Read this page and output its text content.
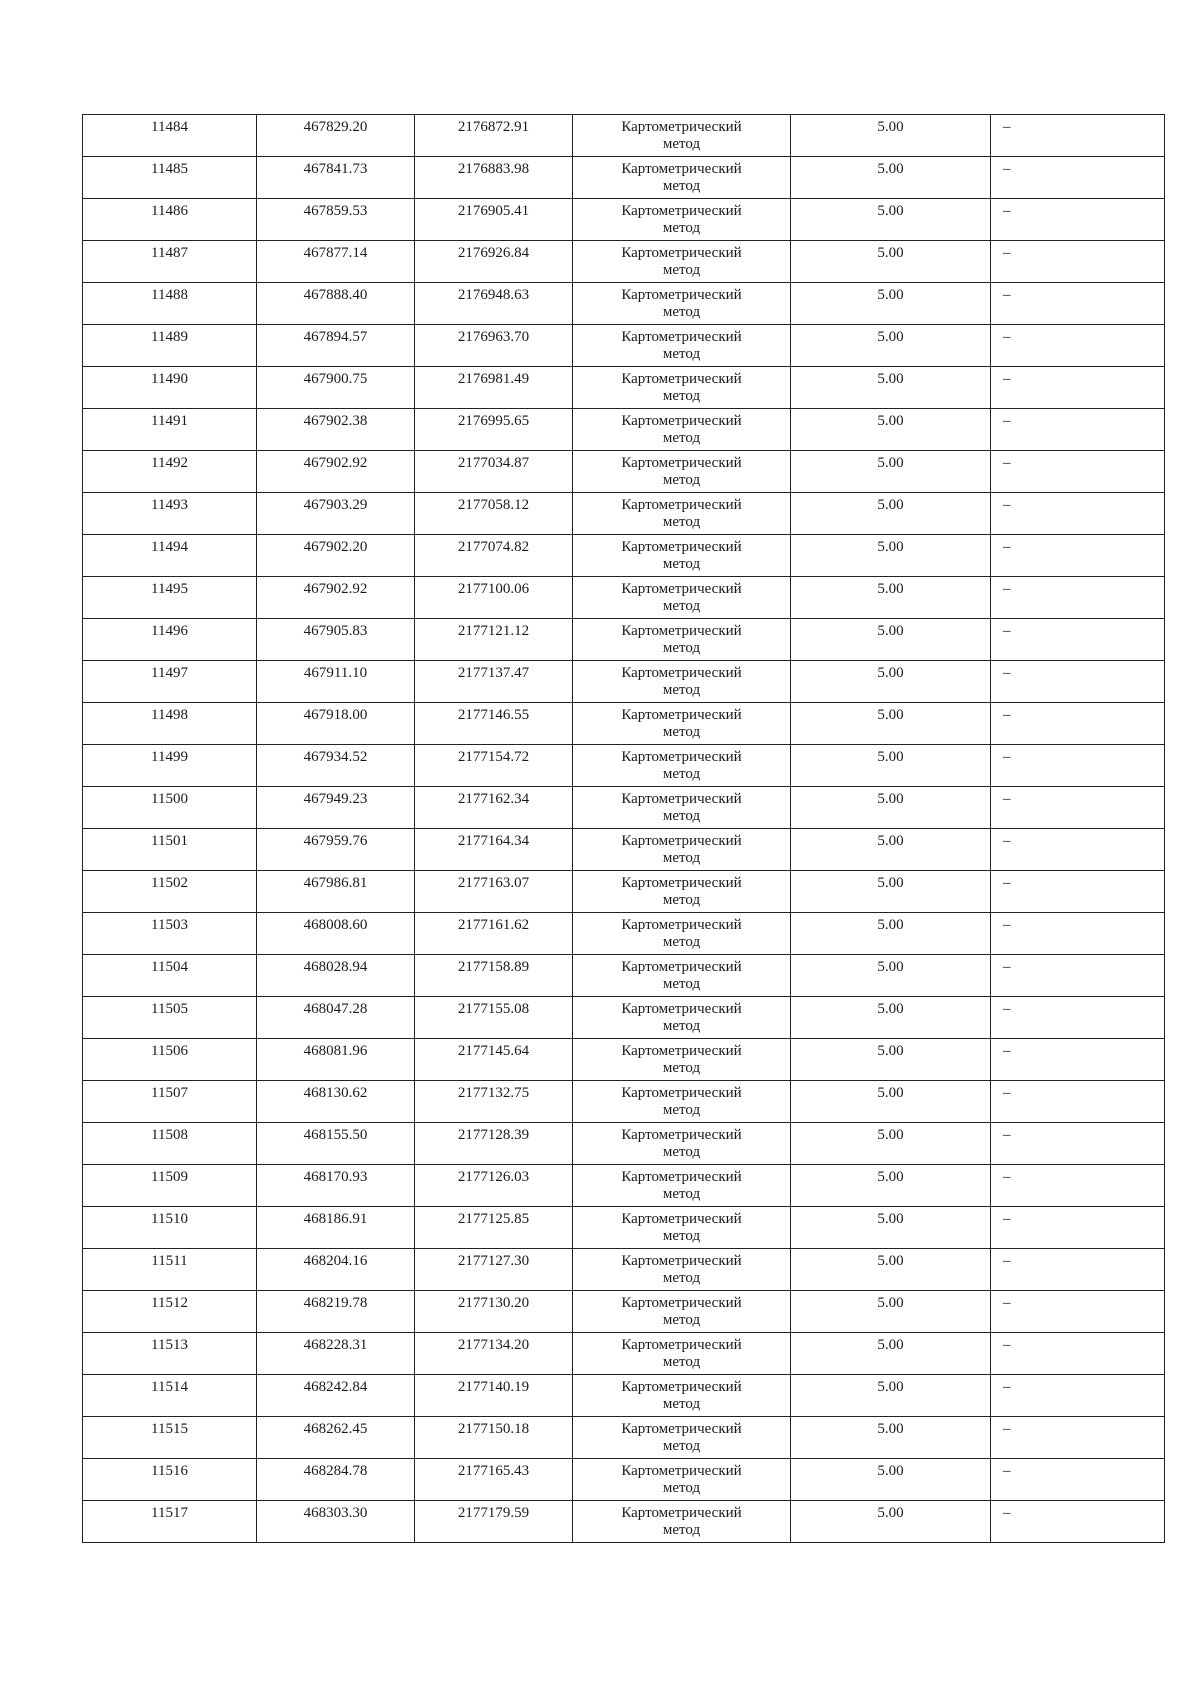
11484	467829.20	2176872.91	Картометрический
метод	5.00	–
11485	467841.73	2176883.98	Картометрический
метод	5.00	–
11486	467859.53	2176905.41	Картометрический
метод	5.00	–
11487	467877.14	2176926.84	Картометрический
метод	5.00	–
11488	467888.40	2176948.63	Картометрический
метод	5.00	–
11489	467894.57	2176963.70	Картометрический
метод	5.00	–
11490	467900.75	2176981.49	Картометрический
метод	5.00	–
11491	467902.38	2176995.65	Картометрический
метод	5.00	–
11492	467902.92	2177034.87	Картометрический
метод	5.00	–
11493	467903.29	2177058.12	Картометрический
метод	5.00	–
11494	467902.20	2177074.82	Картометрический
метод	5.00	–
11495	467902.92	2177100.06	Картометрический
метод	5.00	–
11496	467905.83	2177121.12	Картометрический
метод	5.00	–
11497	467911.10	2177137.47	Картометрический
метод	5.00	–
11498	467918.00	2177146.55	Картометрический
метод	5.00	–
11499	467934.52	2177154.72	Картометрический
метод	5.00	–
11500	467949.23	2177162.34	Картометрический
метод	5.00	–
11501	467959.76	2177164.34	Картометрический
метод	5.00	–
11502	467986.81	2177163.07	Картометрический
метод	5.00	–
11503	468008.60	2177161.62	Картометрический
метод	5.00	–
11504	468028.94	2177158.89	Картометрический
метод	5.00	–
11505	468047.28	2177155.08	Картометрический
метод	5.00	–
11506	468081.96	2177145.64	Картометрический
метод	5.00	–
11507	468130.62	2177132.75	Картометрический
метод	5.00	–
11508	468155.50	2177128.39	Картометрический
метод	5.00	–
11509	468170.93	2177126.03	Картометрический
метод	5.00	–
11510	468186.91	2177125.85	Картометрический
метод	5.00	–
11511	468204.16	2177127.30	Картометрический
метод	5.00	–
11512	468219.78	2177130.20	Картометрический
метод	5.00	–
11513	468228.31	2177134.20	Картометрический
метод	5.00	–
11514	468242.84	2177140.19	Картометрический
метод	5.00	–
11515	468262.45	2177150.18	Картометрический
метод	5.00	–
11516	468284.78	2177165.43	Картометрический
метод	5.00	–
11517	468303.30	2177179.59	Картометрический
метод	5.00	–
